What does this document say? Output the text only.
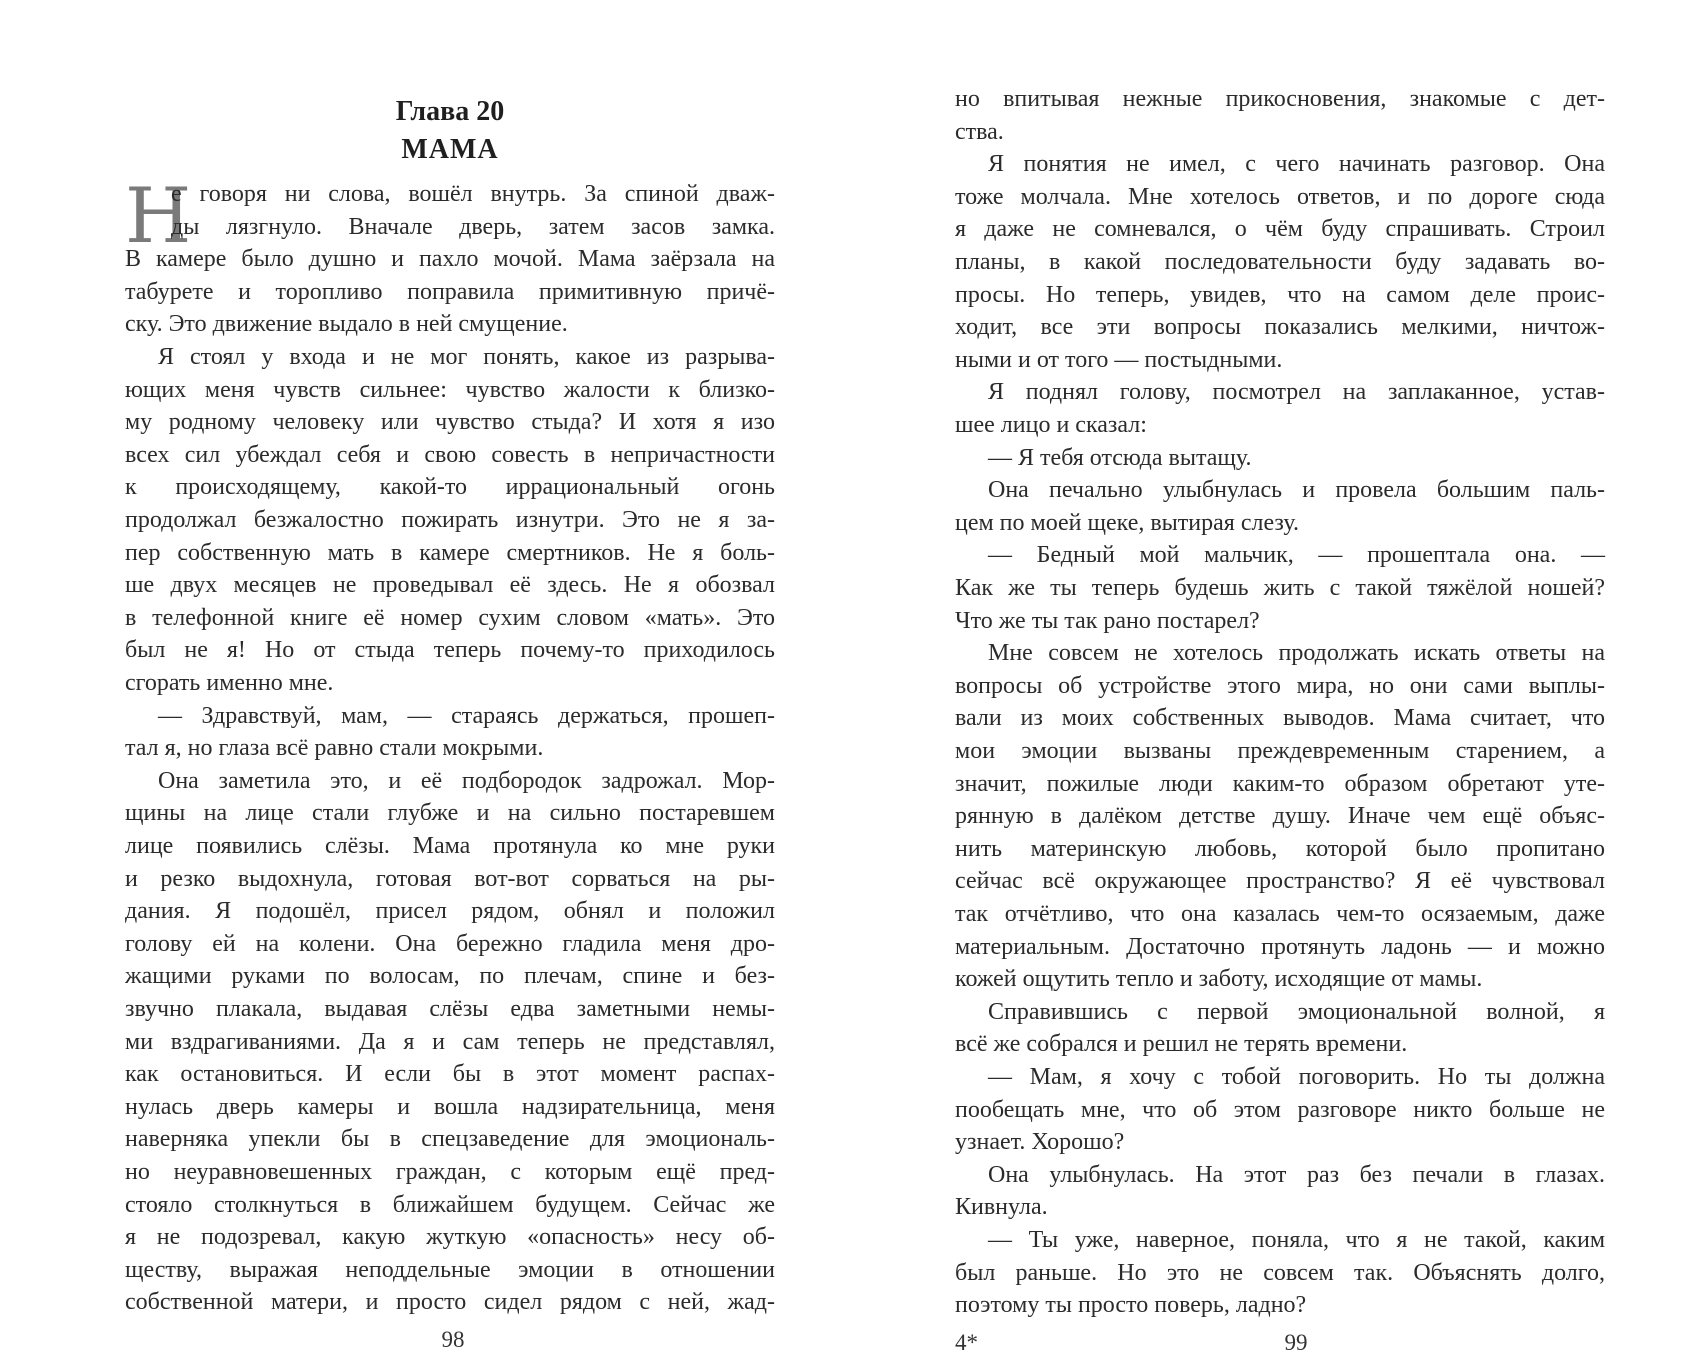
Глава 20
МАМА
Н
е говоря ни слова, вошёл внутрь. За спиной дваж-
ды лязгнуло. Вначале дверь, затем засов замка.
В камере было душно и пахло мочой. Мама заёрзала на
табурете и торопливо поправила примитивную причё-
ску. Это движение выдало в ней смущение.
Я стоял у входа и не мог понять, какое из разрыва-
ющих меня чувств сильнее: чувство жалости к близко-
му родному человеку или чувство стыда? И хотя я изо
всех сил убеждал себя и свою совесть в непричастности
к происходящему, какой-то иррациональный огонь
продолжал безжалостно пожирать изнутри. Это не я за-
пер собственную мать в камере смертников. Не я боль-
ше двух месяцев не проведывал её здесь. Не я обозвал
в телефонной книге её номер сухим словом «мать». Это
был не я! Но от стыда теперь почему-то приходилось
сгорать именно мне.
— Здравствуй, мам, — стараясь держаться, прошеп-
тал я, но глаза всё равно стали мокрыми.
Она заметила это, и её подбородок задрожал. Мор-
щины на лице стали глубже и на сильно постаревшем
лице появились слёзы. Мама протянула ко мне руки
и резко выдохнула, готовая вот-вот сорваться на ры-
дания. Я подошёл, присел рядом, обнял и положил
голову ей на колени. Она бережно гладила меня дро-
жащими руками по волосам, по плечам, спине и без-
звучно плакала, выдавая слёзы едва заметными немы-
ми вздрагиваниями. Да я и сам теперь не представлял,
как остановиться. И если бы в этот момент распах-
нулась дверь камеры и вошла надзирательница, меня
наверняка упекли бы в спецзаведение для эмоциональ-
но неуравновешенных граждан, с которым ещё пред-
стояло столкнуться в ближайшем будущем. Сейчас же
я не подозревал, какую жуткую «опасность» несу об-
ществу, выражая неподдельные эмоции в отношении
собственной матери, и просто сидел рядом с ней, жад-
98
но впитывая нежные прикосновения, знакомые с дет-
ства.
Я понятия не имел, с чего начинать разговор. Она
тоже молчала. Мне хотелось ответов, и по дороге сюда
я даже не сомневался, о чём буду спрашивать. Строил
планы, в какой последовательности буду задавать во-
просы. Но теперь, увидев, что на самом деле проис-
ходит, все эти вопросы показались мелкими, ничтож-
ными и от того — постыдными.
Я поднял голову, посмотрел на заплаканное, устав-
шее лицо и сказал:
— Я тебя отсюда вытащу.
Она печально улыбнулась и провела большим паль-
цем по моей щеке, вытирая слезу.
— Бедный мой мальчик, — прошептала она. —
Как же ты теперь будешь жить с такой тяжёлой ношей?
Что же ты так рано постарел?
Мне совсем не хотелось продолжать искать ответы на
вопросы об устройстве этого мира, но они сами выплы-
вали из моих собственных выводов. Мама считает, что
мои эмоции вызваны преждевременным старением, а
значит, пожилые люди каким-то образом обретают уте-
рянную в далёком детстве душу. Иначе чем ещё объяс-
нить материнскую любовь, которой было пропитано
сейчас всё окружающее пространство? Я её чувствовал
так отчётливо, что она казалась чем-то осязаемым, даже
материальным. Достаточно протянуть ладонь — и можно
кожей ощутить тепло и заботу, исходящие от мамы.
Справившись с первой эмоциональной волной, я
всё же собрался и решил не терять времени.
— Мам, я хочу с тобой поговорить. Но ты должна
пообещать мне, что об этом разговоре никто больше не
узнает. Хорошо?
Она улыбнулась. На этот раз без печали в глазах.
Кивнула.
— Ты уже, наверное, поняла, что я не такой, каким
был раньше. Но это не совсем так. Объяснять долго,
поэтому ты просто поверь, ладно?
4*	99
